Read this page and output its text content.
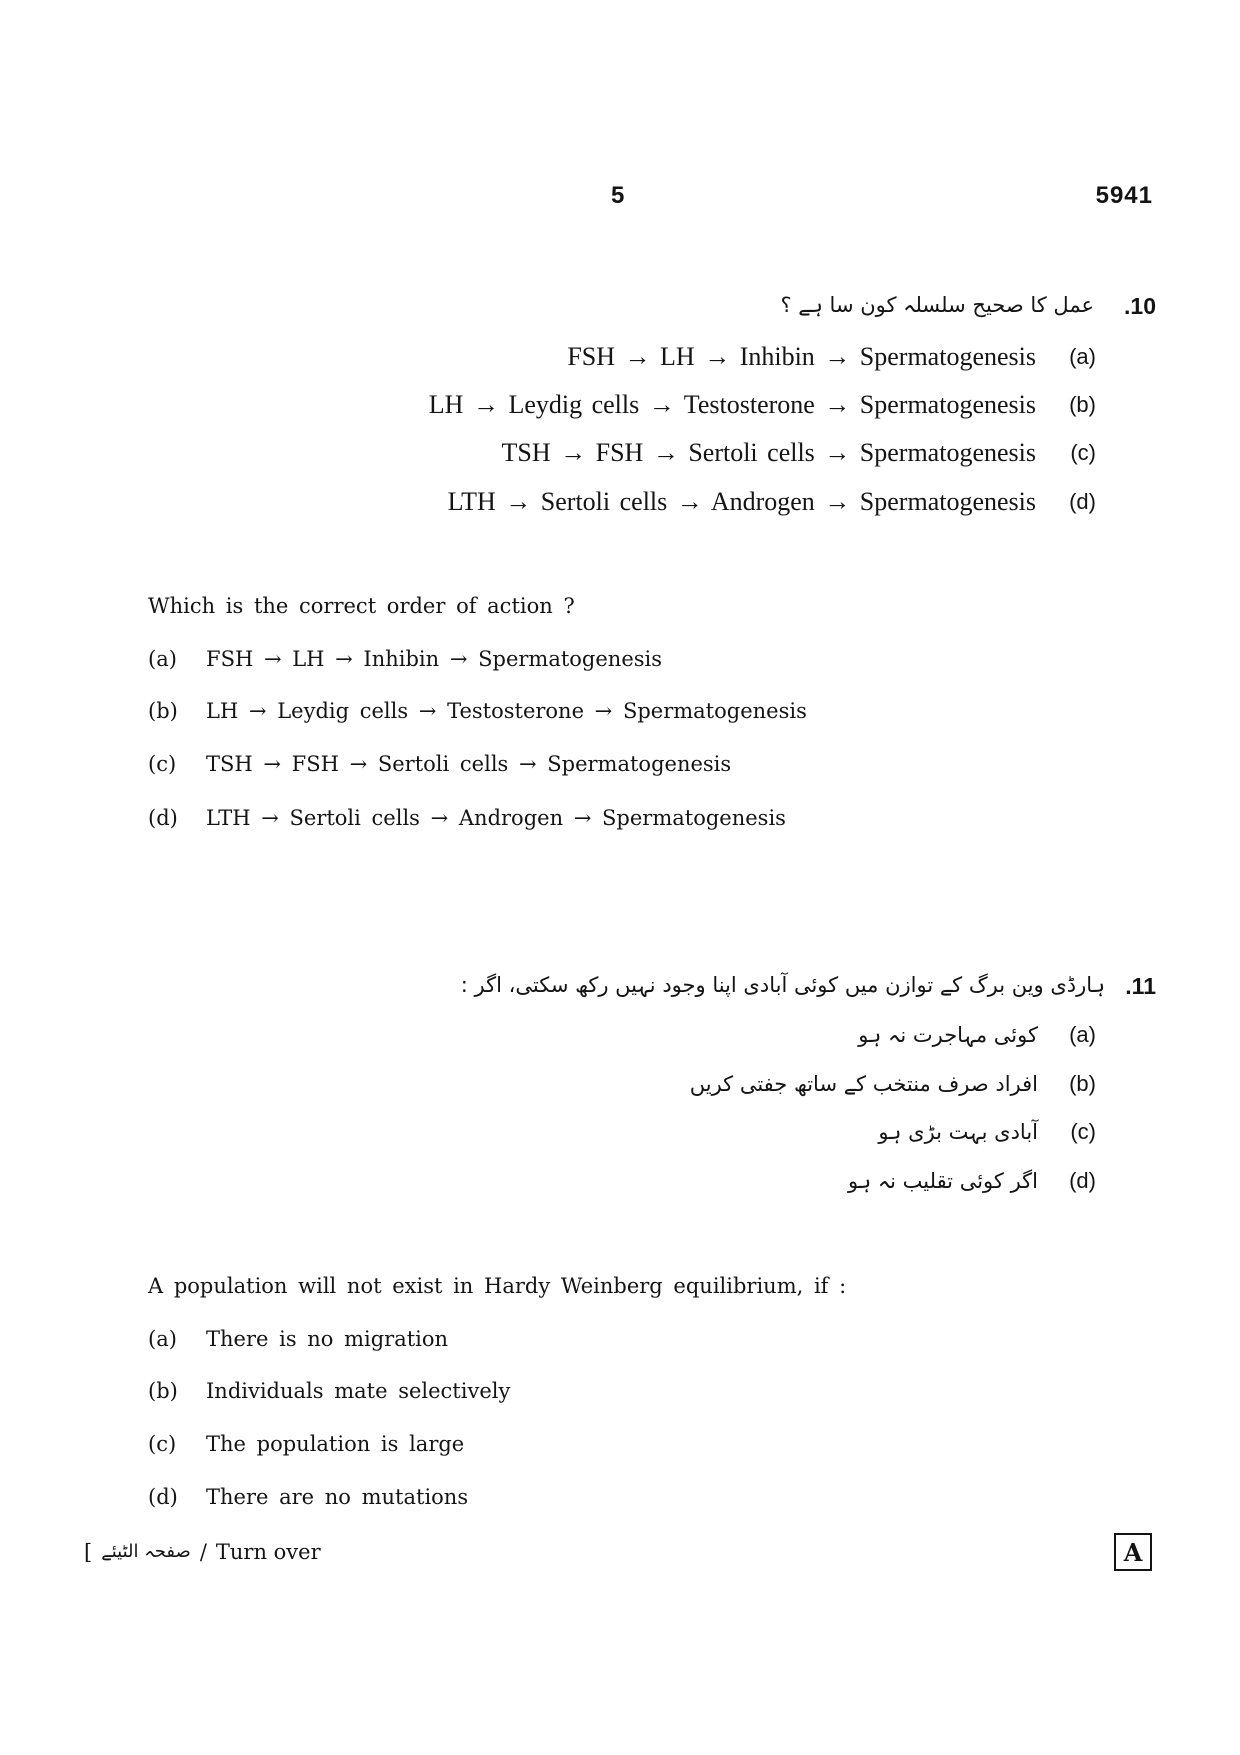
5	5941
.10
عمل کا صحیح سلسلہ کون سا ہے ؟
(a)
FSH → LH → Inhibin → Spermatogenesis
(b)
LH → Leydig cells → Testosterone → Spermatogenesis
(c)
TSH → FSH → Sertoli cells → Spermatogenesis
(d)
LTH → Sertoli cells → Androgen → Spermatogenesis
Which is the correct order of action ?
(a) FSH → LH → Inhibin → Spermatogenesis
(b) LH → Leydig cells → Testosterone → Spermatogenesis
(c) TSH → FSH → Sertoli cells → Spermatogenesis
(d) LTH → Sertoli cells → Androgen → Spermatogenesis
.11
ہارڈی وین برگ کے توازن میں کوئی آبادی اپنا وجود نہیں رکھ سکتی، اگر :
(a)
کوئی مہاجرت نہ ہو
(b)
افراد صرف منتخب کے ساتھ جفتی کریں
(c)
آبادی بہت بڑی ہو
(d)
اگر کوئی تقلیب نہ ہو
A population will not exist in Hardy Weinberg equilibrium, if :
(a) There is no migration
(b) Individuals mate selectively
(c) The population is large
(d) There are no mutations
[ صفحہ الٹیئے / Turn over	A
